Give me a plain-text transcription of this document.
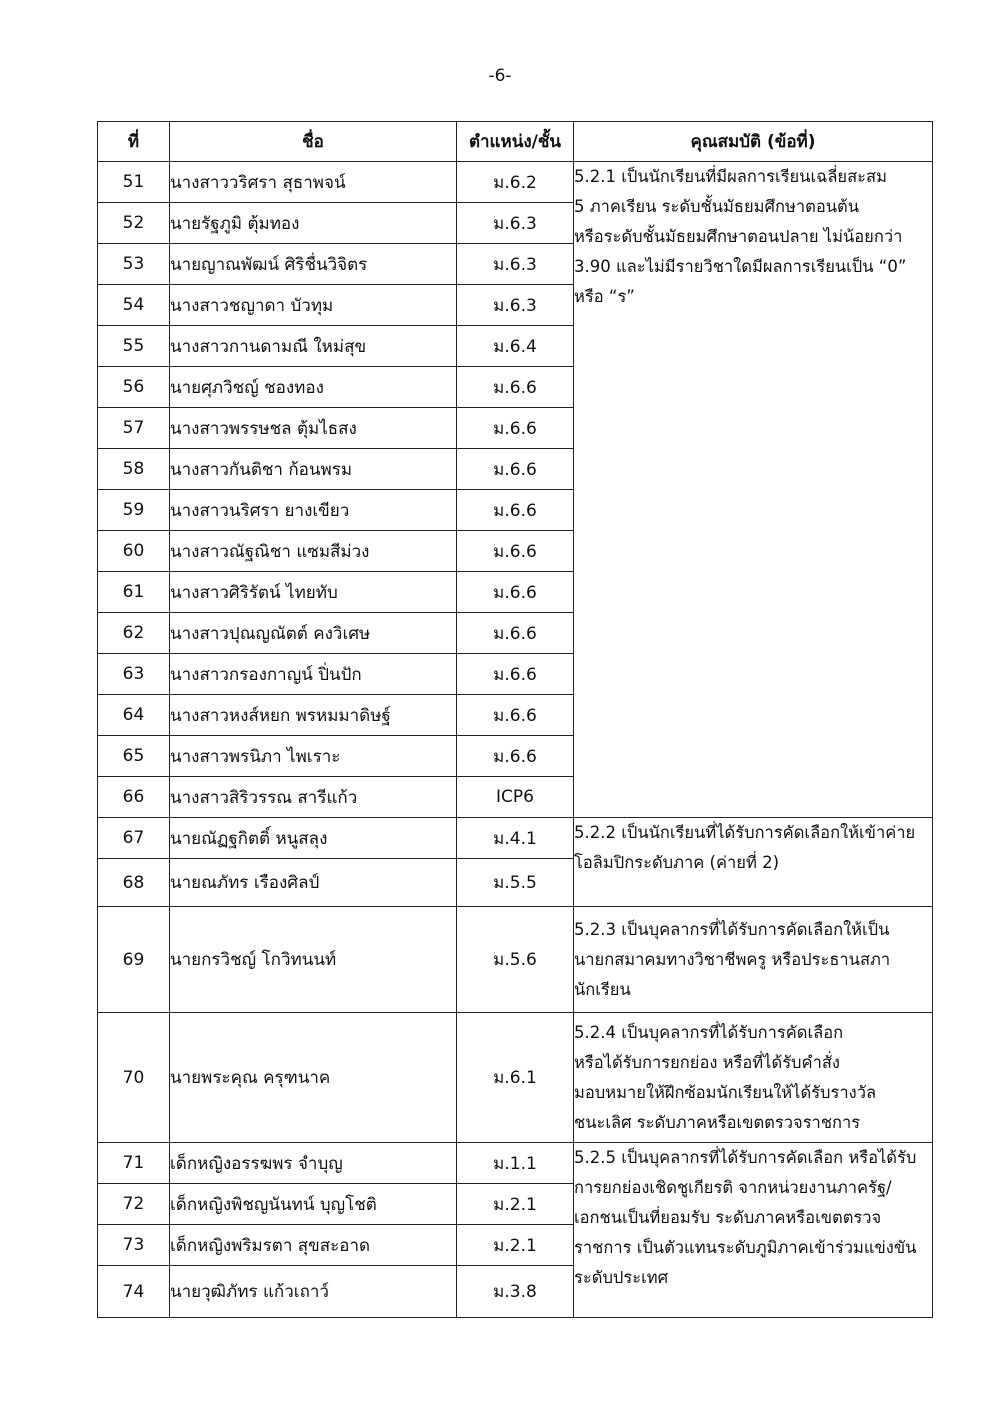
-6-
ที่	ชื่อ	ตำแหน่ง/ชั้น	คุณสมบัติ (ข้อที่)
51	นางสาววริศรา สุธาพจน์	ม.6.2	5.2.1 เป็นนักเรียนที่มีผลการเรียนเฉลี่ยสะสม
5 ภาคเรียน ระดับชั้นมัธยมศึกษาตอนต้น
หรือระดับชั้นมัธยมศึกษาตอนปลาย ไม่น้อยกว่า
3.90 และไม่มีรายวิชาใดมีผลการเรียนเป็น “0”
หรือ “ร”

52	นายรัฐภูมิ ตุ้มทอง	ม.6.3	
53	นายญาณพัฒน์ ศิริชื่นวิจิตร	ม.6.3	
54	นางสาวชญาดา บัวทุม	ม.6.3	
55	นางสาวกานดามณี ใหม่สุข	ม.6.4	
56	นายศุภวิชญ์ ชองทอง	ม.6.6	
57	นางสาวพรรษชล ตุ้มไธสง	ม.6.6	
58	นางสาวกันติชา ก้อนพรม	ม.6.6	
59	นางสาวนริศรา ยางเขียว	ม.6.6	
60	นางสาวณัฐณิชา แซมสีม่วง	ม.6.6	
61	นางสาวศิริรัตน์ ไทยทับ	ม.6.6	
62	นางสาวปุณญณัตต์ คงวิเศษ	ม.6.6	
63	นางสาวกรองกาญน์ ปิ่นปัก	ม.6.6	
64	นางสาวหงส์หยก พรหมมาดิษฐ์	ม.6.6	
65	นางสาวพรนิภา ไพเราะ	ม.6.6	
66	นางสาวสิริวรรณ สารีแก้ว	ICP6	
67	นายณัฏฐกิตติ์ หนูสลุง	ม.4.1	5.2.2 เป็นนักเรียนที่ได้รับการคัดเลือกให้เข้าค่าย
โอลิมปิกระดับภาค (ค่ายที่ 2)

68	นายณภัทร เรืองศิลป์	ม.5.5	
69	นายกรวิชญ์ โกวิทนนท์	ม.5.6	5.2.3 เป็นบุคลากรที่ได้รับการคัดเลือกให้เป็น
นายกสมาคมทางวิชาชีพครู หรือประธานสภา
นักเรียน

70	นายพระคุณ ครุฑนาค	ม.6.1	5.2.4 เป็นบุคลากรที่ได้รับการคัดเลือก
หรือได้รับการยกย่อง หรือที่ได้รับคำสั่ง
มอบหมายให้ฝึกซ้อมนักเรียนให้ได้รับรางวัล
ชนะเลิศ ระดับภาคหรือเขตตรวจราชการ

71	เด็กหญิงอรรฆพร จำบุญ	ม.1.1	5.2.5 เป็นบุคลากรที่ได้รับการคัดเลือก หรือได้รับ
การยกย่องเชิดชูเกียรติ จากหน่วยงานภาครัฐ/
เอกชนเป็นที่ยอมรับ ระดับภาคหรือเขตตรวจ
ราชการ เป็นตัวแทนระดับภูมิภาคเข้าร่วมแข่งขัน
ระดับประเทศ

72	เด็กหญิงพิชญนันทน์ บุญโชติ	ม.2.1	
73	เด็กหญิงพริมรตา สุขสะอาด	ม.2.1	
74	นายวุฒิภัทร แก้วเถาว์	ม.3.8	
